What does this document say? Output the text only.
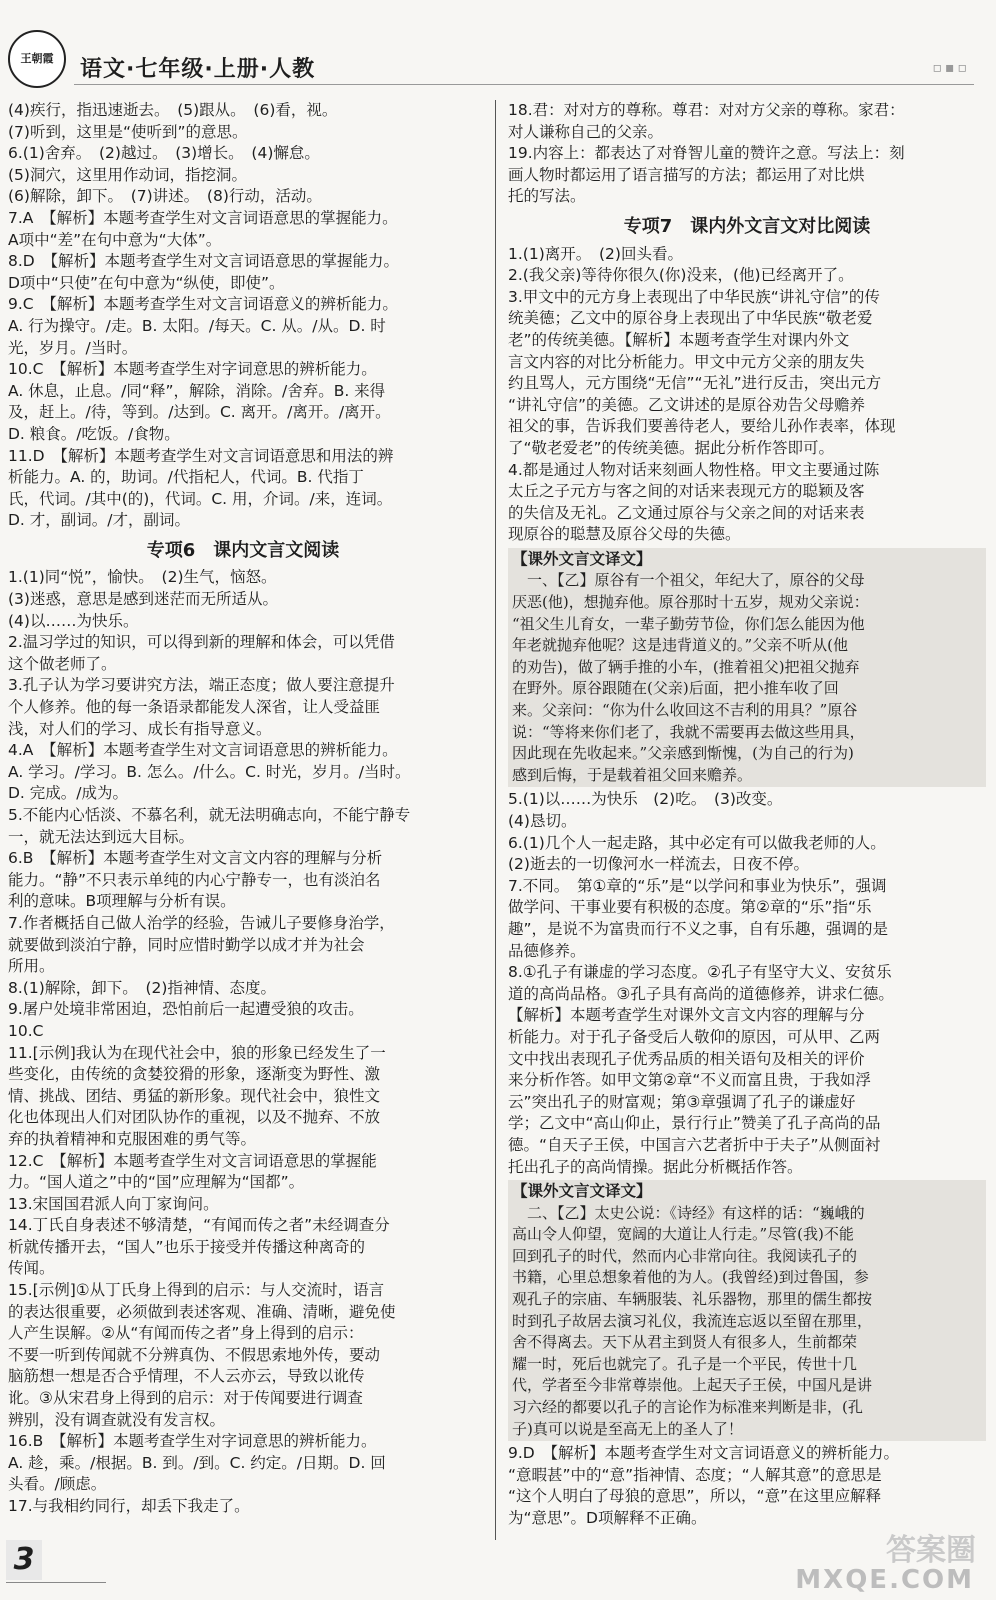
王朝霞	语文·七年级·上册·人教	▫▪▫
(4)疾行，指迅速逝去。　(5)跟从。　(6)看，视。
(7)听到，这里是“使听到”的意思。
6.(1)舍弃。　(2)越过。　(3)增长。　(4)懈怠。
(5)洞穴，这里用作动词，指挖洞。
(6)解除，卸下。　(7)讲述。　(8)行动，活动。
7.A　【解析】本题考查学生对文言词语意思的掌握能力。
A项中“差”在句中意为“大体”。
8.D　【解析】本题考查学生对文言词语意思的掌握能力。
D项中“只使”在句中意为“纵使，即使”。
9.C　【解析】本题考查学生对文言词语意义的辨析能力。
A. 行为操守。/走。B. 太阳。/每天。C. 从。/从。D. 时
光，岁月。/当时。
10.C　【解析】本题考查学生对字词意思的辨析能力。
A. 休息，止息。/同“释”，解除，消除。/舍弃。B. 来得
及，赶上。/待，等到。/达到。C. 离开。/离开。/离开。
D. 粮食。/吃饭。/食物。
11.D　【解析】本题考查学生对文言词语意思和用法的辨
析能力。A. 的，助词。/代指杞人，代词。B. 代指丁
氏，代词。/其中(的)，代词。C. 用，介词。/来，连词。
D. 才，副词。/才，副词。
专项6　课内文言文阅读
1.(1)同“悦”，愉快。　(2)生气，恼怒。
(3)迷惑，意思是感到迷茫而无所适从。
(4)以……为快乐。
2.温习学过的知识，可以得到新的理解和体会，可以凭借
这个做老师了。
3.孔子认为学习要讲究方法，端正态度；做人要注意提升
个人修养。他的每一条语录都能发人深省，让人受益匪
浅，对人们的学习、成长有指导意义。
4.A　【解析】本题考查学生对文言词语意思的辨析能力。
A. 学习。/学习。B. 怎么。/什么。C. 时光，岁月。/当时。
D. 完成。/成为。
5.不能内心恬淡、不慕名利，就无法明确志向，不能宁静专
一，就无法达到远大目标。
6.B　【解析】本题考查学生对文言文内容的理解与分析
能力。“静”不只表示单纯的内心宁静专一，也有淡泊名
利的意味。B项理解与分析有误。
7.作者概括自己做人治学的经验，告诫儿子要修身治学，
就要做到淡泊宁静，同时应惜时勤学以成才并为社会
所用。
8.(1)解除，卸下。　(2)指神情、态度。
9.屠户处境非常困迫，恐怕前后一起遭受狼的攻击。
10.C
11.[示例]我认为在现代社会中，狼的形象已经发生了一
些变化，由传统的贪婪狡猾的形象，逐渐变为野性、激
情、挑战、团结、勇猛的新形象。现代社会中，狼性文
化也体现出人们对团队协作的重视，以及不抛弃、不放
弃的执着精神和克服困难的勇气等。
12.C　【解析】本题考查学生对文言词语意思的掌握能
力。“国人道之”中的“国”应理解为“国都”。
13.宋国国君派人向丁家询问。
14.丁氏自身表述不够清楚，“有闻而传之者”未经调查分
析就传播开去，“国人”也乐于接受并传播这种离奇的
传闻。
15.[示例]①从丁氏身上得到的启示：与人交流时，语言
的表达很重要，必须做到表述客观、准确、清晰，避免使
人产生误解。②从“有闻而传之者”身上得到的启示：
不要一听到传闻就不分辨真伪、不假思索地外传，要动
脑筋想一想是否合乎情理，不人云亦云，导致以讹传
讹。③从宋君身上得到的启示：对于传闻要进行调查
辨别，没有调查就没有发言权。
16.B　【解析】本题考查学生对字词意思的辨析能力。
A. 趁，乘。/根据。B. 到。/到。C. 约定。/日期。D. 回
头看。/顾虑。
17.与我相约同行，却丢下我走了。
18.君：对对方的尊称。尊君：对对方父亲的尊称。家君：
对人谦称自己的父亲。
19.内容上：都表达了对脊智儿童的赞许之意。写法上：刻
画人物时都运用了语言描写的方法；都运用了对比烘
托的写法。
专项7　课内外文言文对比阅读
1.(1)离开。　(2)回头看。
2.(我父亲)等待你很久(你)没来，(他)已经离开了。
3.甲文中的元方身上表现出了中华民族“讲礼守信”的传
统美德；乙文中的原谷身上表现出了中华民族“敬老爱
老”的传统美德。【解析】本题考查学生对课内外文
言文内容的对比分析能力。甲文中元方父亲的朋友失
约且骂人，元方围绕“无信”“无礼”进行反击，突出元方
“讲礼守信”的美德。乙文讲述的是原谷劝告父母赡养
祖父的事，告诉我们要善待老人，要给儿孙作表率，体现
了“敬老爱老”的传统美德。据此分析作答即可。
4.都是通过人物对话来刻画人物性格。甲文主要通过陈
太丘之子元方与客之间的对话来表现元方的聪颖及客
的失信及无礼。乙文通过原谷与父亲之间的对话来表
现原谷的聪慧及原谷父母的失德。
【课外文言文译文】
　一、【乙】原谷有一个祖父，年纪大了，原谷的父母
厌恶(他)，想抛弃他。原谷那时十五岁，规劝父亲说：
“祖父生儿育女，一辈子勤劳节俭，你们怎么能因为他
年老就抛弃他呢？这是违背道义的。”父亲不听从(他
的劝告)，做了辆手推的小车，(推着祖父)把祖父抛弃
在野外。原谷跟随在(父亲)后面，把小推车收了回
来。父亲问：“你为什么收回这不吉利的用具？”原谷
说：“等将来你们老了，我就不需要再去做这些用具，
因此现在先收起来。”父亲感到惭愧，(为自己的行为)
感到后悔，于是载着祖父回来赡养。
5.(1)以……为快乐　(2)吃。　(3)改变。
(4)恳切。
6.(1)几个人一起走路，其中必定有可以做我老师的人。
(2)逝去的一切像河水一样流去，日夜不停。
7.不同。　第①章的“乐”是“以学问和事业为快乐”，强调
做学问、干事业要有积极的态度。第②章的“乐”指“乐
趣”，是说不为富贵而行不义之事，自有乐趣，强调的是
品德修养。
8.①孔子有谦虚的学习态度。②孔子有坚守大义、安贫乐
道的高尚品格。③孔子具有高尚的道德修养，讲求仁德。
【解析】本题考查学生对课外文言文内容的理解与分
析能力。对于孔子备受后人敬仰的原因，可从甲、乙两
文中找出表现孔子优秀品质的相关语句及相关的评价
来分析作答。如甲文第②章“不义而富且贵，于我如浮
云”突出孔子的财富观；第③章强调了孔子的谦虚好
学；乙文中“高山仰止，景行行止”赞美了孔子高尚的品
德。“自天子王侯，中国言六艺者折中于夫子”从侧面衬
托出孔子的高尚情操。据此分析概括作答。
【课外文言文译文】
　二、【乙】太史公说：《诗经》有这样的话：“巍峨的
高山令人仰望，宽阔的大道让人行走。”尽管(我)不能
回到孔子的时代，然而内心非常向往。我阅读孔子的
书籍，心里总想象着他的为人。(我曾经)到过鲁国，参
观孔子的宗庙、车辆服装、礼乐器物，那里的儒生都按
时到孔子故居去演习礼仪，我流连忘返以至留在那里，
舍不得离去。天下从君主到贤人有很多人，生前都荣
耀一时，死后也就完了。孔子是一个平民，传世十几
代，学者至今非常尊崇他。上起天子王侯，中国凡是讲
习六经的都要以孔子的言论作为标准来判断是非，(孔
子)真可以说是至高无上的圣人了！
9.D　【解析】本题考查学生对文言词语意义的辨析能力。
“意暇甚”中的“意”指神情、态度；“人解其意”的意思是
“这个人明白了母狼的意思”，所以，“意”在这里应解释
为“意思”。D项解释不正确。
3	答案圈
MXQE.COM
